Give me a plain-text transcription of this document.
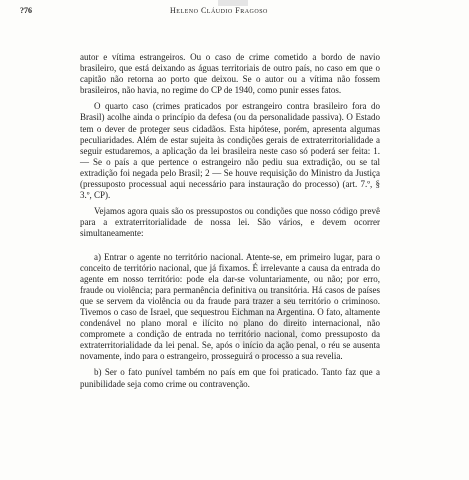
?76	Heleno Cláudio Fragoso

autor e vítima estrangeiros. Ou o caso de crime cometido a bordo de navio brasileiro, que está deixando as águas territoriais de outro país, no caso em que o capitão não retorna ao porto que deixou. Se o autor ou a vítima não fossem brasileiros, não havia, no regime do CP de 1940, como punir esses fatos.

O quarto caso (crimes praticados por estrangeiro contra brasileiro fora do Brasil) acolhe ainda o princípio da defesa (ou da personalidade passiva). O Estado tem o dever de proteger seus cidadãos. Esta hipótese, porém, apresenta algumas peculiaridades. Além de estar sujeita às condições gerais de extraterritorialidade a seguir estudaremos, a aplicação da lei brasileira neste caso só poderá ser feita: 1. — Se o país a que pertence o estrangeiro não pediu sua extradição, ou se tal extradição foi negada pelo Brasil; 2 — Se houve requisição do Ministro da Justiça (pressuposto processual aqui necessário para instauração do processo) (art. 7.º, § 3.º, CP).

Vejamos agora quais são os pressupostos ou condições que nosso código prevê para a extraterritorialidade de nossa lei. São vários, e devem ocorrer simultaneamente:

a) Entrar o agente no território nacional. Atente-se, em primeiro lugar, para o conceito de território nacional, que já fixamos. É irrelevante a causa da entrada do agente em nosso território: pode ela dar-se voluntariamente, ou não; por erro, fraude ou violência; para permanência definitiva ou transitória. Há casos de países que se servem da violência ou da fraude para trazer a seu território o criminoso. Tivemos o caso de Israel, que sequestrou Eichman na Argentina. O fato, altamente condenável no plano moral e ilícito no plano do direito internacional, não compromete a condição de entrada no território nacional, como pressuposto da extraterritorialidade da lei penal. Se, após o início da ação penal, o réu se ausenta novamente, indo para o estrangeiro, prosseguirá o processo a sua revelia.

b) Ser o fato punível também no país em que foi praticado. Tanto faz que a punibilidade seja como crime ou contravenção.
